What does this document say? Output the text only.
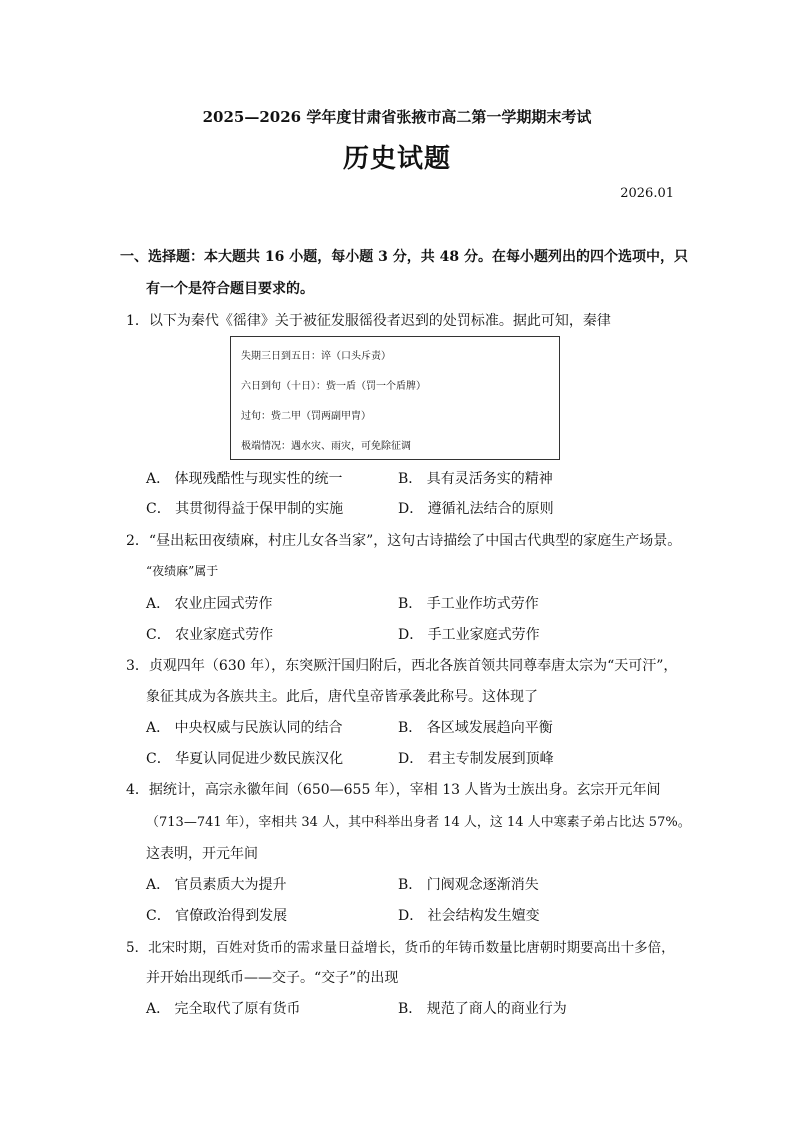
2025—2026 学年度甘肃省张掖市高二第一学期期末考试
历史试题
2026.01
一、选择题：本大题共 16 小题，每小题 3 分，共 48 分。在每小题列出的四个选项中，只
有一个是符合题目要求的。
1．以下为秦代《徭律》关于被征发服徭役者迟到的处罚标准。据此可知，秦律
失期三日到五日：谇（口头斥责）
六日到旬（十日）：赀一盾（罚一个盾牌）
过旬：赀二甲（罚两副甲胄）
极端情况：遇水灾、雨灾，可免除征调
A． 体现残酷性与现实性的统一	B． 具有灵活务实的精神
C． 其贯彻得益于保甲制的实施	D． 遵循礼法结合的原则
2．“昼出耘田夜绩麻，村庄儿女各当家”，这句古诗描绘了中国古代典型的家庭生产场景。
“夜绩麻”属于
A． 农业庄园式劳作	B． 手工业作坊式劳作
C． 农业家庭式劳作	D． 手工业家庭式劳作
3．贞观四年（630 年），东突厥汗国归附后，西北各族首领共同尊奉唐太宗为“天可汗”，
象征其成为各族共主。此后，唐代皇帝皆承袭此称号。这体现了
A． 中央权威与民族认同的结合	B． 各区域发展趋向平衡
C． 华夏认同促进少数民族汉化	D． 君主专制发展到顶峰
4．据统计，高宗永徽年间（650—655 年），宰相 13 人皆为士族出身。玄宗开元年间
（713—741 年），宰相共 34 人，其中科举出身者 14 人，这 14 人中寒素子弟占比达 57%。
这表明，开元年间
A． 官员素质大为提升	B． 门阀观念逐渐消失
C． 官僚政治得到发展	D． 社会结构发生嬗变
5．北宋时期，百姓对货币的需求量日益增长，货币的年铸币数量比唐朝时期要高出十多倍，
并开始出现纸币——交子。“交子”的出现
A． 完全取代了原有货币	B． 规范了商人的商业行为
